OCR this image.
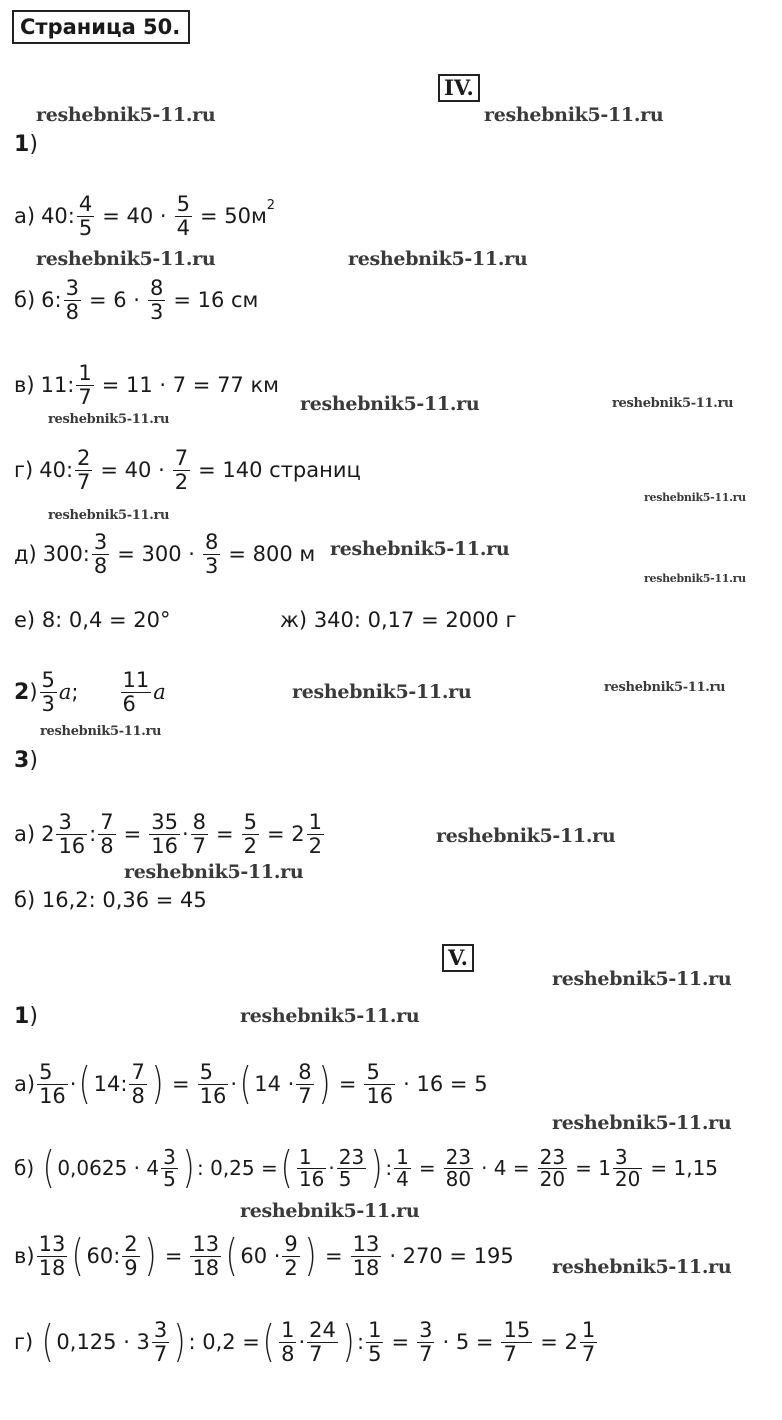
Страница 50.
IV.
reshebnik5-11.ru	reshebnik5-11.ru
reshebnik5-11.ru	reshebnik5-11.ru
reshebnik5-11.ru
reshebnik5-11.ru	reshebnik5-11.ru
reshebnik5-11.ru
reshebnik5-11.ru
reshebnik5-11.ru
reshebnik5-11.ru
reshebnik5-11.ru	reshebnik5-11.ru
reshebnik5-11.ru
reshebnik5-11.ru
reshebnik5-11.ru
reshebnik5-11.ru
reshebnik5-11.ru
reshebnik5-11.ru
reshebnik5-11.ru
reshebnik5-11.ru
1)
а) 40: $\frac{4}{5} = 40 \cdot \frac{5}{4} = 50м^2$
б) 6: $\frac{3}{8} = 6 \cdot \frac{8}{3} = 16$ см
в) 11: $\frac{1}{7} = 11 \cdot 7 = 77$ км
г) 40: $\frac{2}{7} = 40 \cdot \frac{7}{2} = 140$ страниц
д) 300: $\frac{3}{8} = 300 \cdot \frac{8}{3} = 800$ м
е) 8: 0,4 = 20°	ж) 340: 0,17 = 2000 г
2 ) $\frac{5}{3}$ a ; $\frac{11}{6}$ a
3)
а) $2 \frac{3}{16}$ : $\frac{7}{8} = \frac{35}{16} \cdot \frac{8}{7} = \frac{5}{2} = 2 \frac{1}{2}$
б) 16,2: 0,36 = 45
V.
1)
$а) \frac{5}{16}$ · ( 14: $\frac{7}{8}$ ) = $\frac{5}{16}$ · ( $14 \cdot \frac{8}{7}$ ) = $\frac{5}{16} \cdot 16 = 5$
б) ( $0,0625 \cdot 4 \frac{3}{5}$ ) : 0,25 = ( $\frac{1}{16} \cdot \frac{23}{5}$ ) : $\frac{1}{4} = \frac{23}{80} \cdot 4 = \frac{23}{20} = 1 \frac{3}{20} = 1,15$
$в) \frac{13}{18}$ ( 60: $\frac{2}{9}$ ) = $\frac{13}{18}$ ( $60 \cdot \frac{9}{2}$ ) = $\frac{13}{18} \cdot 270 = 195$
г) ( $0,125 \cdot 3 \frac{3}{7}$ ) : 0,2 = ( $\frac{1}{8} \cdot \frac{24}{7}$ ) : $\frac{1}{5} = \frac{3}{7} \cdot 5 = \frac{15}{7} = 2 \frac{1}{7}$
